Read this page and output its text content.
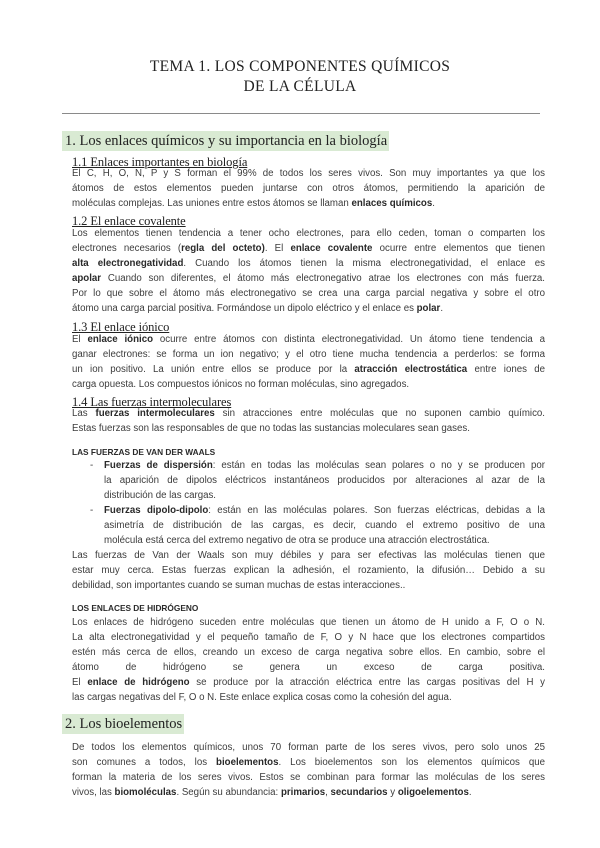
TEMA 1. LOS COMPONENTES QUÍMICOS
DE LA CÉLULA
1. Los enlaces químicos y su importancia en la biología
1.1 Enlaces importantes en biología
El C, H, O, N, P y S forman el 99% de todos los seres vivos. Son muy importantes ya que los
átomos de estos elementos pueden juntarse con otros átomos, permitiendo la aparición de
moléculas complejas. Las uniones entre estos átomos se llaman enlaces químicos.
1.2 El enlace covalente
Los elementos tienen tendencia a tener ocho electrones, para ello ceden, toman o comparten los
electrones necesarios (regla del octeto). El enlace covalente ocurre entre elementos que tienen
alta electronegatividad. Cuando los átomos tienen la misma electronegatividad, el enlace es
apolar Cuando son diferentes, el átomo más electronegativo atrae los electrones con más fuerza.
Por lo que sobre el átomo más electronegativo se crea una carga parcial negativa y sobre el otro
átomo una carga parcial positiva. Formándose un dipolo eléctrico y el enlace es polar.
1.3 El enlace iónico
El enlace iónico ocurre entre átomos con distinta electronegatividad. Un átomo tiene tendencia a
ganar electrones: se forma un ion negativo; y el otro tiene mucha tendencia a perderlos: se forma
un ion positivo. La unión entre ellos se produce por la atracción electrostática entre iones de
carga opuesta. Los compuestos iónicos no forman moléculas, sino agregados.
1.4 Las fuerzas intermoleculares
Las fuerzas intermoleculares sin atracciones entre moléculas que no suponen cambio químico.
Estas fuerzas son las responsables de que no todas las sustancias moleculares sean gases.
LAS FUERZAS DE VAN DER WAALS
- Fuerzas de dispersión: están en todas las moléculas sean polares o no y se producen por
la aparición de dipolos eléctricos instantáneos producidos por alteraciones al azar de la
distribución de las cargas.
- Fuerzas dipolo-dipolo: están en las moléculas polares. Son fuerzas eléctricas, debidas a la
asimetría de distribución de las cargas, es decir, cuando el extremo positivo de una
molécula está cerca del extremo negativo de otra se produce una atracción electrostática.
Las fuerzas de Van der Waals son muy débiles y para ser efectivas las moléculas tienen que
estar muy cerca. Estas fuerzas explican la adhesión, el rozamiento, la difusión… Debido a su
debilidad, son importantes cuando se suman muchas de estas interacciones..
LOS ENLACES DE HIDRÓGENO
Los enlaces de hidrógeno suceden entre moléculas que tienen un átomo de H unido a F, O o N.
La alta electronegatividad y el pequeño tamaño de F, O y N hace que los electrones compartidos
estén más cerca de ellos, creando un exceso de carga negativa sobre ellos. En cambio, sobre el
átomo de hidrógeno se genera un exceso de carga positiva.
El enlace de hidrógeno se produce por la atracción eléctrica entre las cargas positivas del H y
las cargas negativas del F, O o N. Este enlace explica cosas como la cohesión del agua.
2. Los bioelementos
De todos los elementos químicos, unos 70 forman parte de los seres vivos, pero solo unos 25
son comunes a todos, los bioelementos. Los bioelementos son los elementos químicos que
forman la materia de los seres vivos. Estos se combinan para formar las moléculas de los seres
vivos, las biomoléculas. Según su abundancia: primarios, secundarios y oligoelementos.
